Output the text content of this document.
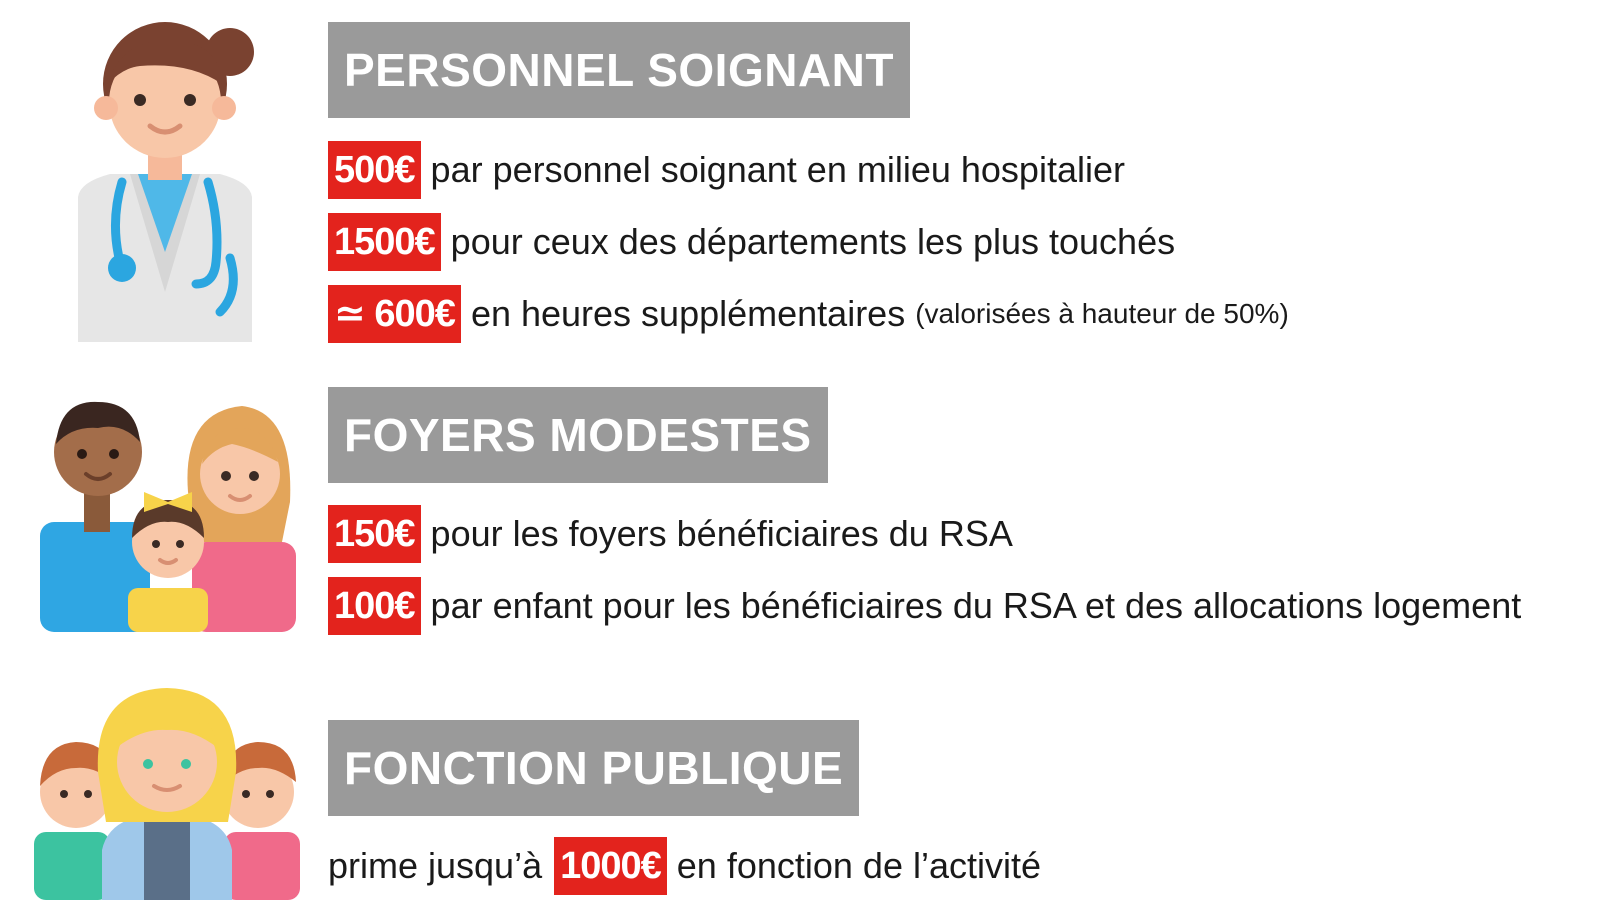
PERSONNEL SOIGNANT
500€ par personnel soignant en milieu hospitalier
1500€ pour ceux des départements les plus touchés
≃ 600€ en heures supplémentaires (valorisées à hauteur de 50%)
FOYERS MODESTES
150€ pour les foyers bénéficiaires du RSA
100€ par enfant pour les bénéficiaires du RSA et des allocations logement
FONCTION PUBLIQUE
prime jusqu’à 1000€ en fonction de l’activité
